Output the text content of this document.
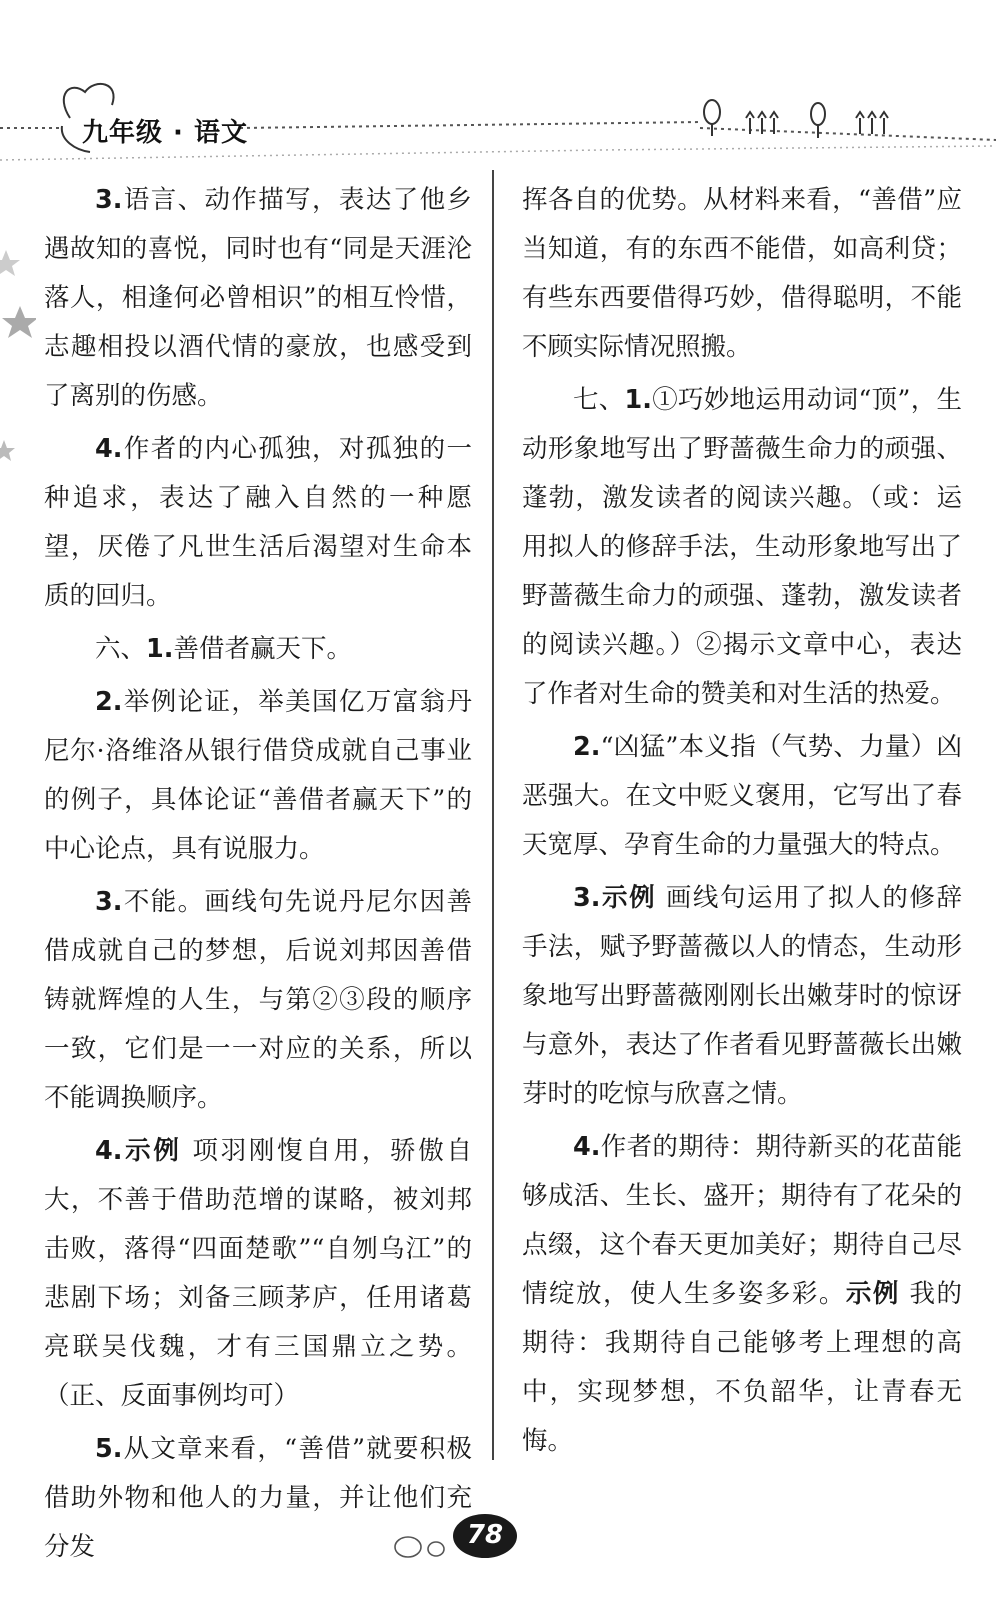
九年级 · 语文

3.语言、动作描写，表达了他乡遇故知的喜悦，同时也有“同是天涯沦落人，相逢何必曾相识”的相互怜惜，志趣相投以酒代情的豪放，也感受到了离别的伤感。

4.作者的内心孤独，对孤独的一种追求，表达了融入自然的一种愿望，厌倦了凡世生活后渴望对生命本质的回归。

六、1.善借者赢天下。

2.举例论证，举美国亿万富翁丹尼尔·洛维洛从银行借贷成就自己事业的例子，具体论证“善借者赢天下”的中心论点，具有说服力。

3.不能。画线句先说丹尼尔因善借成就自己的梦想，后说刘邦因善借铸就辉煌的人生，与第②③段的顺序一致，它们是一一对应的关系，所以不能调换顺序。

4.示例 项羽刚愎自用，骄傲自大，不善于借助范增的谋略，被刘邦击败，落得“四面楚歌”“自刎乌江”的悲剧下场；刘备三顾茅庐，任用诸葛亮联吴伐魏，才有三国鼎立之势。（正、反面事例均可）

5.从文章来看，“善借”就要积极借助外物和他人的力量，并让他们充分发

挥各自的优势。从材料来看，“善借”应当知道，有的东西不能借，如高利贷；有些东西要借得巧妙，借得聪明，不能不顾实际情况照搬。

七、1.①巧妙地运用动词“顶”，生动形象地写出了野蔷薇生命力的顽强、蓬勃，激发读者的阅读兴趣。（或：运用拟人的修辞手法，生动形象地写出了野蔷薇生命力的顽强、蓬勃，激发读者的阅读兴趣。）②揭示文章中心，表达了作者对生命的赞美和对生活的热爱。

2.“凶猛”本义指（气势、力量）凶恶强大。在文中贬义褒用，它写出了春天宽厚、孕育生命的力量强大的特点。

3.示例 画线句运用了拟人的修辞手法，赋予野蔷薇以人的情态，生动形象地写出野蔷薇刚刚长出嫩芽时的惊讶与意外，表达了作者看见野蔷薇长出嫩芽时的吃惊与欣喜之情。

4.作者的期待：期待新买的花苗能够成活、生长、盛开；期待有了花朵的点缀，这个春天更加美好；期待自己尽情绽放，使人生多姿多彩。示例 我的期待：我期待自己能够考上理想的高中，实现梦想，不负韶华，让青春无悔。

78
